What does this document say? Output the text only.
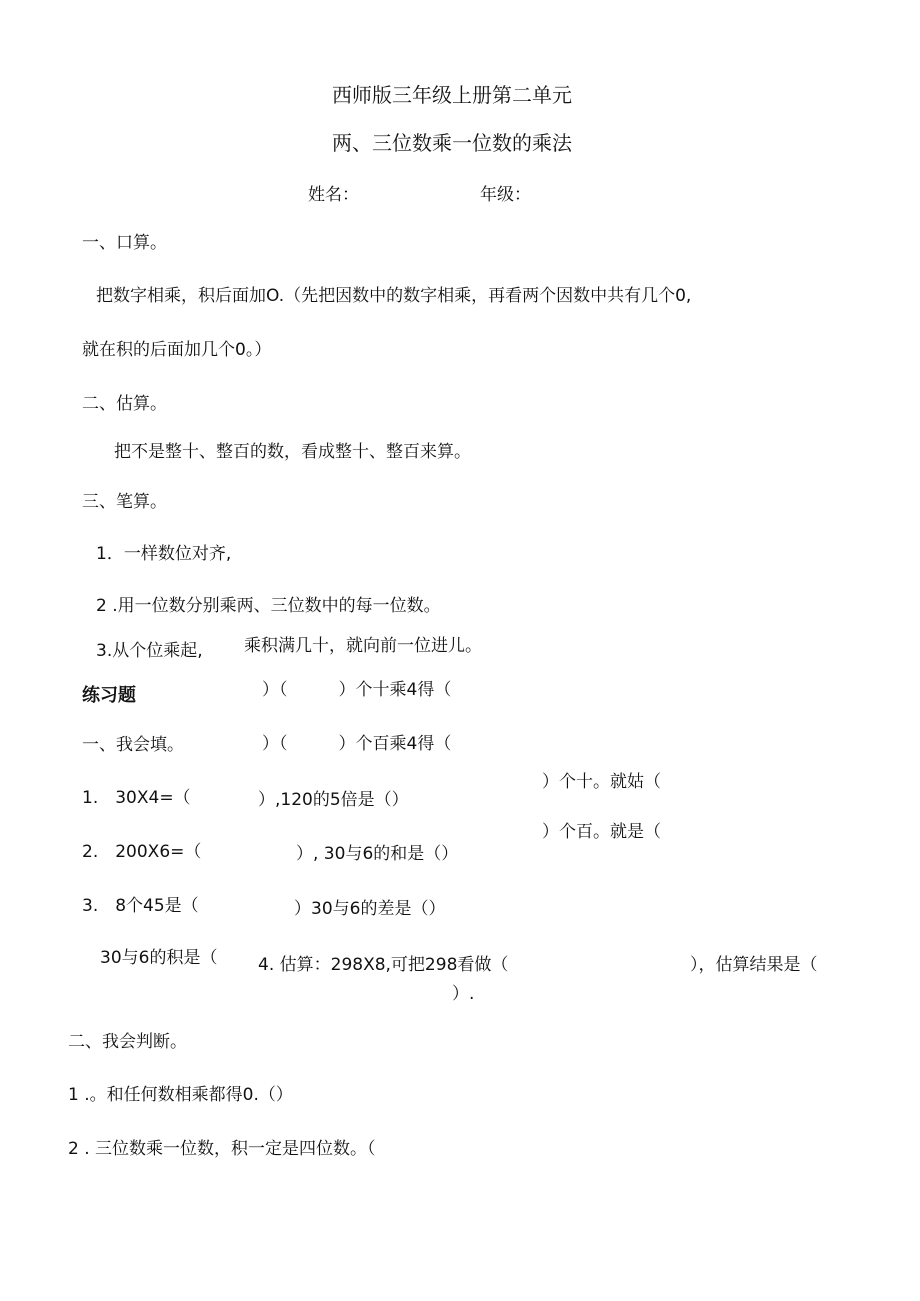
西师版三年级上册第二单元
两、三位数乘一位数的乘法
姓名：	年级：
一、口算。
把数字相乘，积后面加O.（先把因数中的数字相乘，再看两个因数中共有几个0,
就在积的后面加几个0。）
二、估算。
把不是整十、整百的数，看成整十、整百来算。
三、笔算。
1．一样数位对齐,
2 .用一位数分别乘两、三位数中的每一位数。
3.从个位乘起, 乘积满几十，就向前一位进儿。
练习题	）（　　　）个十乘4得（
一、我会填。	）（　　　）个百乘4得（
）个十。就姑（
1.　30X4=（	）,120的5倍是（）
）个百。就是（
2.　200X6=（	）, 30与6的和是（）
3.　8个45是（	）30与6的差是（）
30与6的积是（ 4. 估算：298X8,可把298看做（	），估算结果是（
）.
二、我会判断。
1 .。和任何数相乘都得0.（）
2 . 三位数乘一位数，积一定是四位数。（
